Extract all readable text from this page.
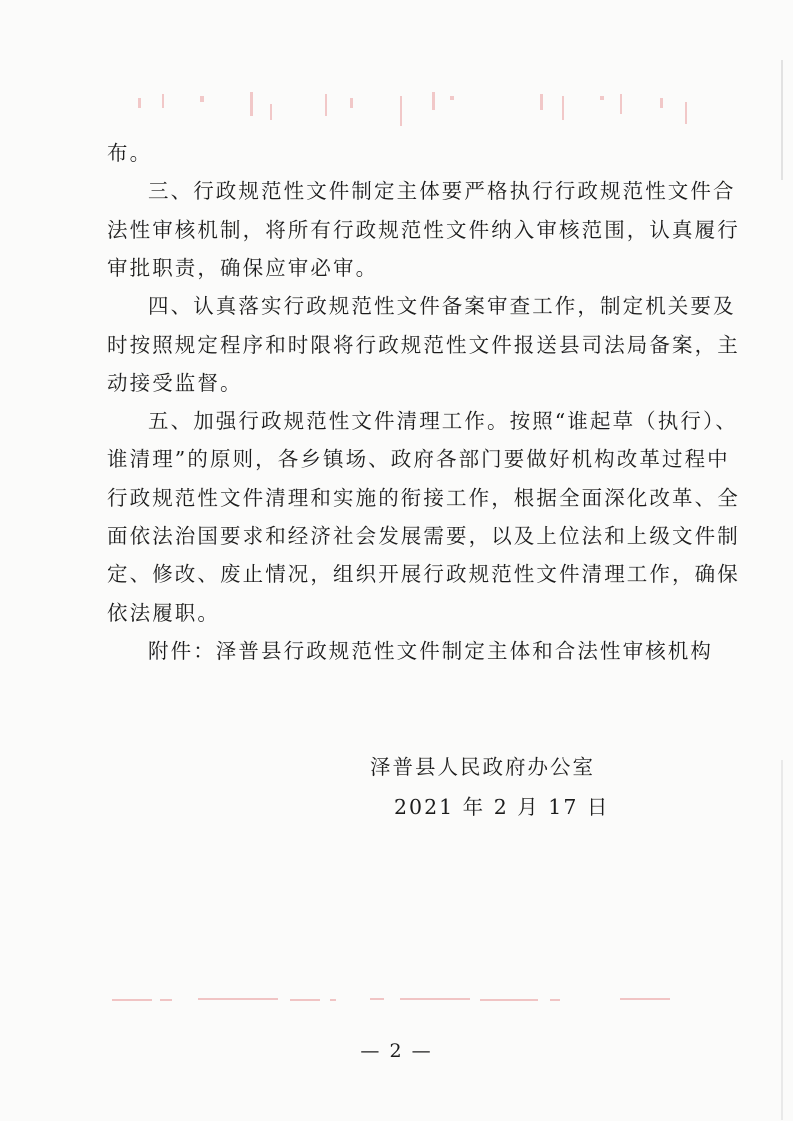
布。
三、行政规范性文件制定主体要严格执行行政规范性文件合
法性审核机制，将所有行政规范性文件纳入审核范围，认真履行
审批职责，确保应审必审。
四、认真落实行政规范性文件备案审查工作，制定机关要及
时按照规定程序和时限将行政规范性文件报送县司法局备案，主
动接受监督。
五、加强行政规范性文件清理工作。按照“谁起草（执行）、
谁清理”的原则，各乡镇场、政府各部门要做好机构改革过程中
行政规范性文件清理和实施的衔接工作，根据全面深化改革、全
面依法治国要求和经济社会发展需要，以及上位法和上级文件制
定、修改、废止情况，组织开展行政规范性文件清理工作，确保
依法履职。
附件：泽普县行政规范性文件制定主体和合法性审核机构
泽普县人民政府办公室
2021 年 2 月 17 日
— 2 —
